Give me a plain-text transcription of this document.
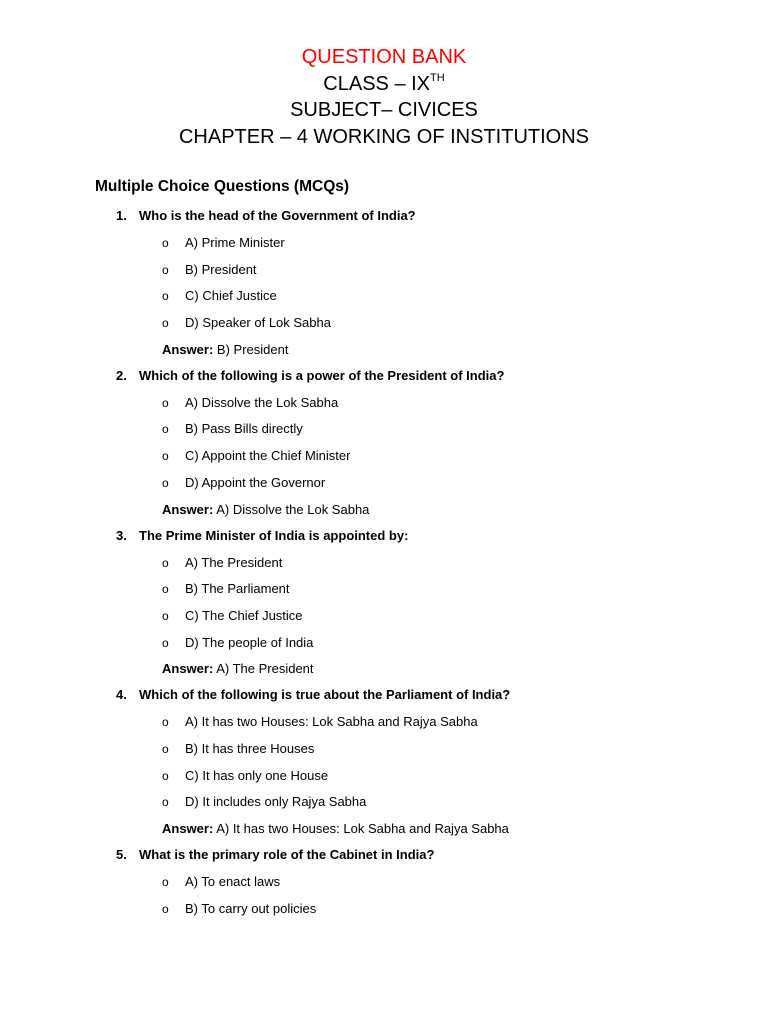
QUESTION BANK

CLASS – IXTH

SUBJECT– CIVICES

CHAPTER – 4 WORKING OF INSTITUTIONS

Multiple Choice Questions (MCQs)

1. Who is the head of the Government of India?
o	A) Prime Minister
o	B) President
o	C) Chief Justice
o	D) Speaker of Lok Sabha

Answer: B) President

2. Which of the following is a power of the President of India?
o	A) Dissolve the Lok Sabha
o	B) Pass Bills directly
o	C) Appoint the Chief Minister
o	D) Appoint the Governor

Answer: A) Dissolve the Lok Sabha

3. The Prime Minister of India is appointed by:
o	A) The President
o	B) The Parliament
o	C) The Chief Justice
o	D) The people of India

Answer: A) The President

4. Which of the following is true about the Parliament of India?
o	A) It has two Houses: Lok Sabha and Rajya Sabha
o	B) It has three Houses
o	C) It has only one House
o	D) It includes only Rajya Sabha

Answer: A) It has two Houses: Lok Sabha and Rajya Sabha

5. What is the primary role of the Cabinet in India?
o	A) To enact laws
o	B) To carry out policies
